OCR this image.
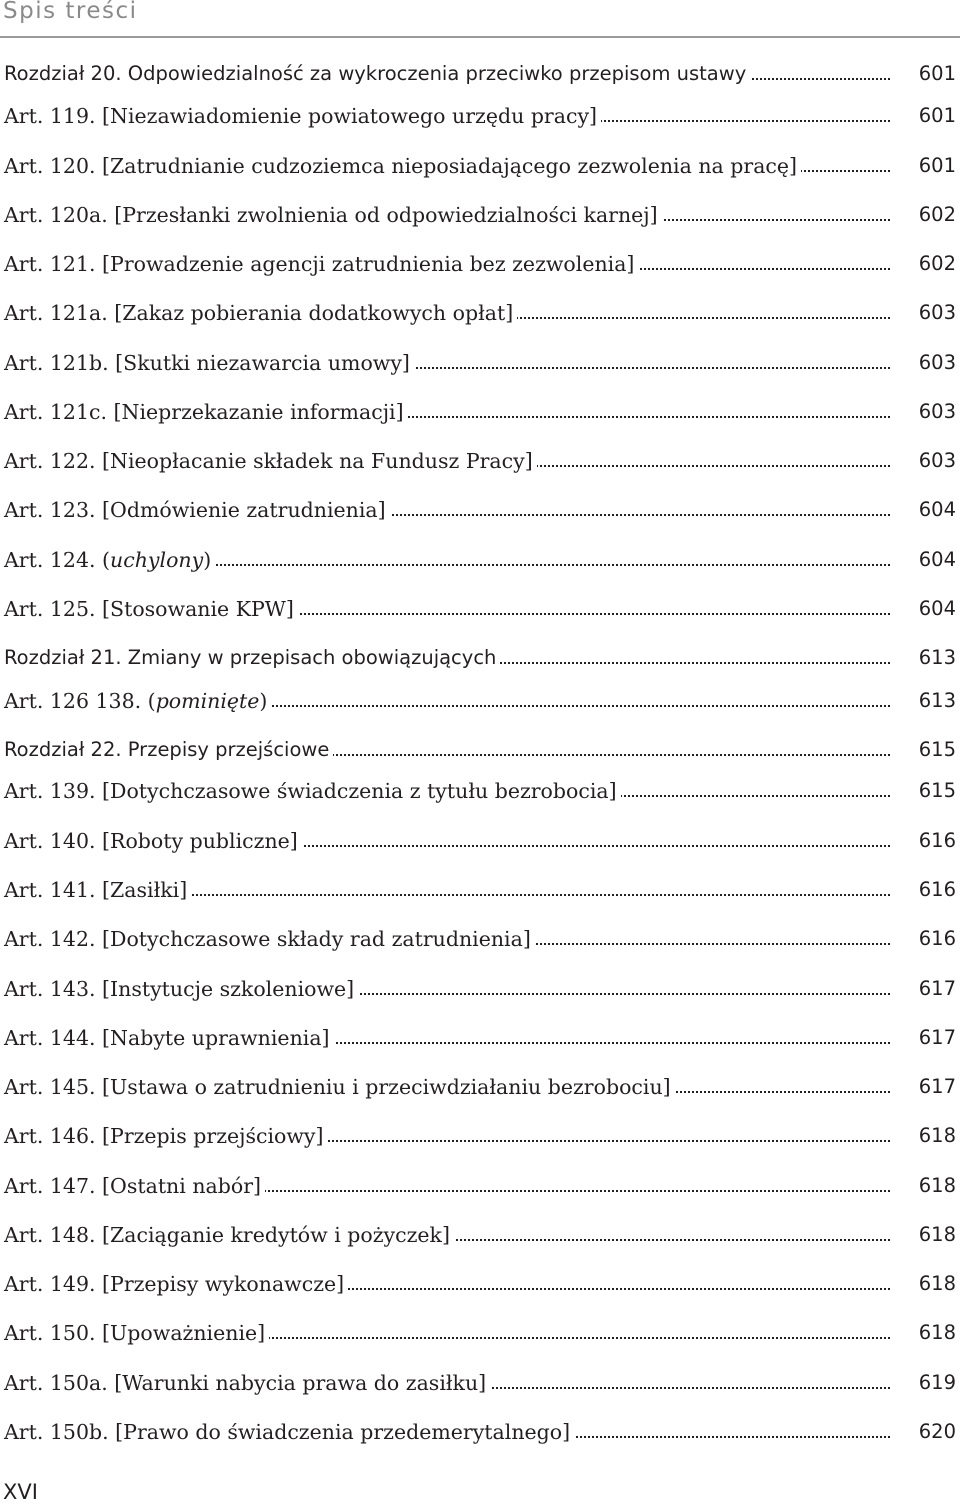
Spis treści
Rozdział 20. Odpowiedzialność za wykroczenia przeciwko przepisom ustawy	601
Art. 119. [Niezawiadomienie powiatowego urzędu pracy]	601
Art. 120. [Zatrudnianie cudzoziemca nieposiadającego zezwolenia na pracę]	601
Art. 120a. [Przesłanki zwolnienia od odpowiedzialności karnej]	602
Art. 121. [Prowadzenie agencji zatrudnienia bez zezwolenia]	602
Art. 121a. [Zakaz pobierania dodatkowych opłat]	603
Art. 121b. [Skutki niezawarcia umowy]	603
Art. 121c. [Nieprzekazanie informacji]	603
Art. 122. [Nieopłacanie składek na Fundusz Pracy]	603
Art. 123. [Odmówienie zatrudnienia]	604
Art. 124. (uchylony)	604
Art. 125. [Stosowanie KPW]	604
Rozdział 21. Zmiany w przepisach obowiązujących	613
Art. 126 138. (pominięte)	613
Rozdział 22. Przepisy przejściowe	615
Art. 139. [Dotychczasowe świadczenia z tytułu bezrobocia]	615
Art. 140. [Roboty publiczne]	616
Art. 141. [Zasiłki]	616
Art. 142. [Dotychczasowe składy rad zatrudnienia]	616
Art. 143. [Instytucje szkoleniowe]	617
Art. 144. [Nabyte uprawnienia]	617
Art. 145. [Ustawa o zatrudnieniu i przeciwdziałaniu bezrobociu]	617
Art. 146. [Przepis przejściowy]	618
Art. 147. [Ostatni nabór]	618
Art. 148. [Zaciąganie kredytów i pożyczek]	618
Art. 149. [Przepisy wykonawcze]	618
Art. 150. [Upoważnienie]	618
Art. 150a. [Warunki nabycia prawa do zasiłku]	619
Art. 150b. [Prawo do świadczenia przedemerytalnego]	620
XVI
